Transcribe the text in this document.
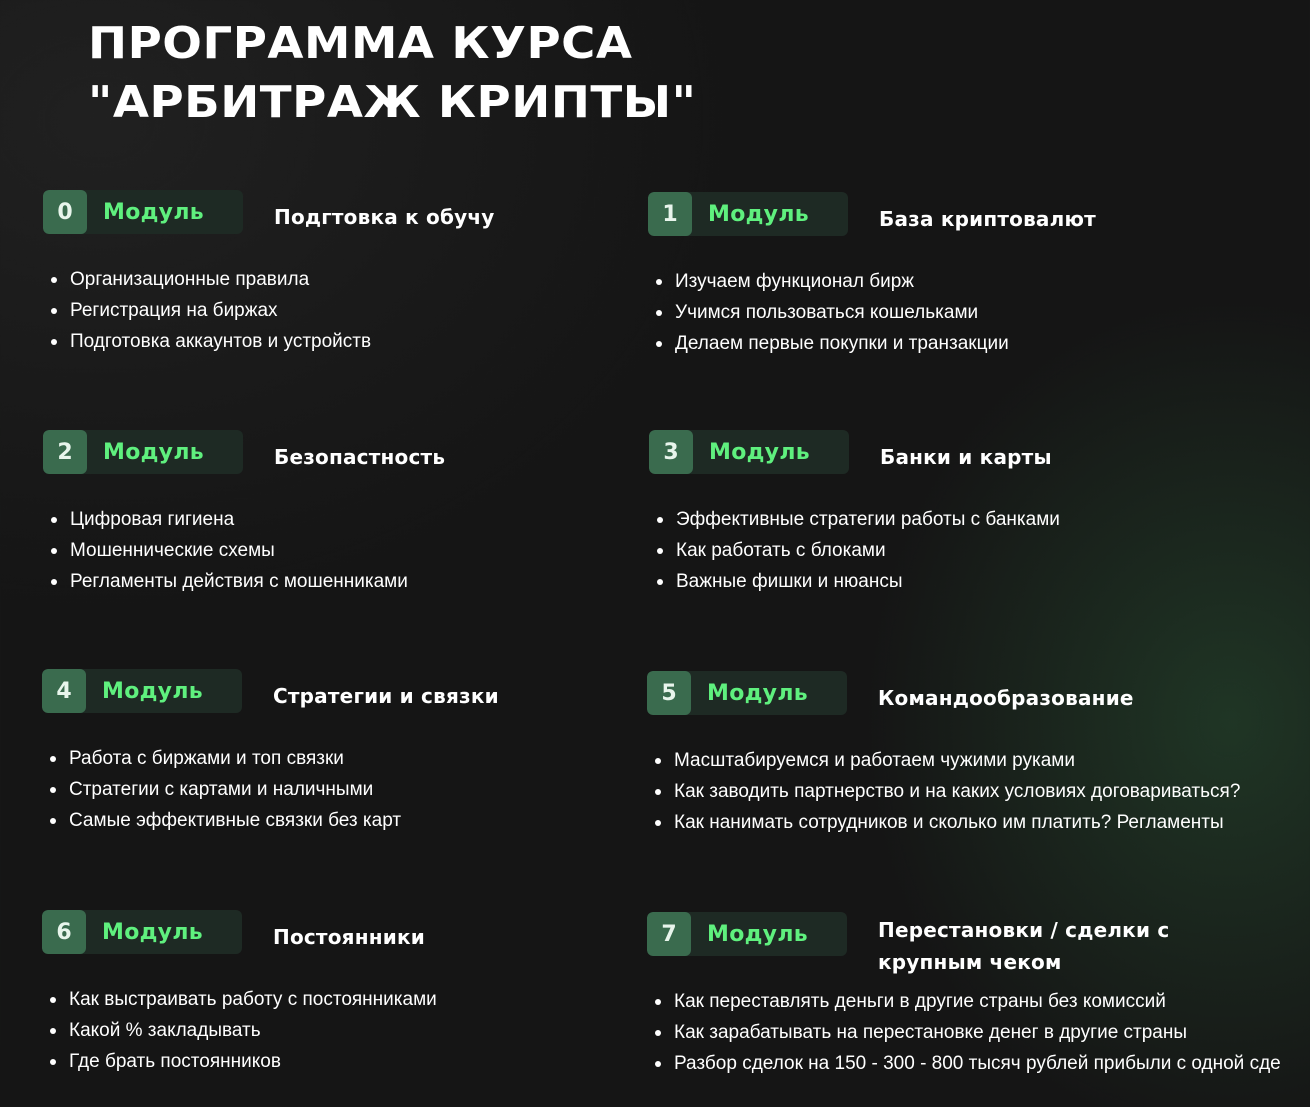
ПРОГРАММА КУРСА
"АРБИТРАЖ КРИПТЫ"
0	Модуль	Подгтовка к обучу
Организационные правила
Регистрация на биржах
Подготовка аккаунтов и устройств
1	Модуль	База криптовалют
Изучаем функционал бирж
Учимся пользоваться кошельками
Делаем первые покупки и транзакции
2	Модуль	Безопастность
Цифровая гигиена
Мошеннические схемы
Регламенты действия с мошенниками
3	Модуль	Банки и карты
Эффективные стратегии работы с банками
Как работать с блоками
Важные фишки и нюансы
4	Модуль	Стратегии и связки
Работа с биржами и топ связки
Стратегии с картами и наличными
Самые эффективные связки без карт
5	Модуль	Командообразование
Масштабируемся и работаем чужими руками
Как заводить партнерство и на каких условиях договариваться?
Как нанимать сотрудников и сколько им платить? Регламенты
6	Модуль	Постоянники
Как выстраивать работу с постоянниками
Какой % закладывать
Где брать постоянников
7	Модуль	Перестановки / сделки с крупным чеком
Как переставлять деньги в другие страны без комиссий
Как зарабатывать на перестановке денег в другие страны
Разбор сделок на 150 - 300 - 800 тысяч рублей прибыли с одной сде
